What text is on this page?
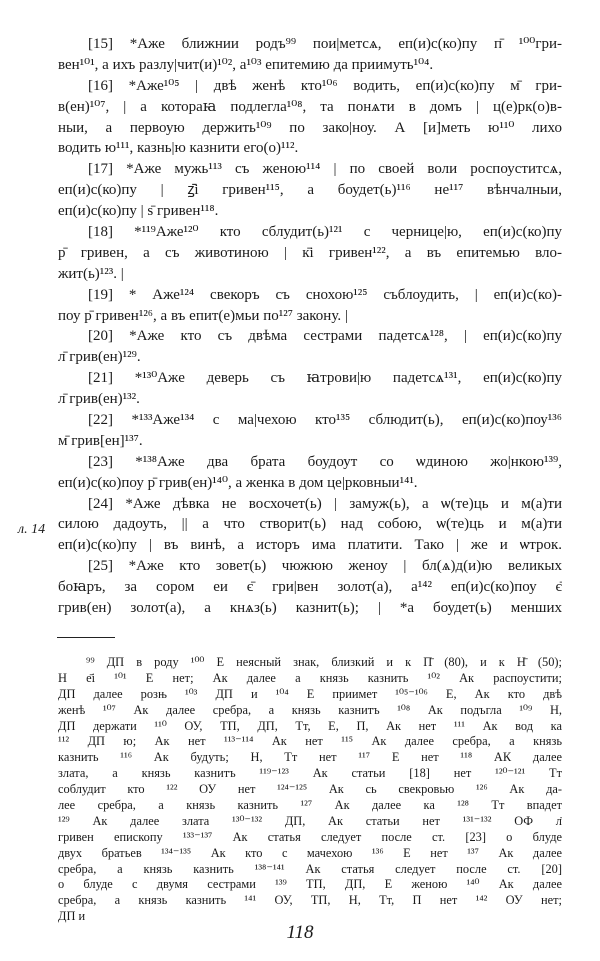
[15] *Аже ближнии родъ⁹⁹ пои|метсѧ, еп(и)с(ко)пу п̄ ¹⁰⁰гри-
вен¹⁰¹, а ихъ разлу|чит(и)¹⁰², а¹⁰³ епитемию да приимуть¹⁰⁴.
[16] *Аже¹⁰⁵ | двѣ женѣ кто¹⁰⁶ водить, еп(и)с(ко)пу м̄ гри-
в(ен)¹⁰⁷, | а котораꙗ подлегла¹⁰⁸, та понѧти в домъ | ц(е)рк(о)в-
ныи, а первоую держить¹⁰⁹ по зако|ноу. А [и]меть ю¹¹⁰ лихо
водить ю¹¹¹, казнь|ю казнити его(о)¹¹².
[17] *Аже мужь¹¹³ съ женою¹¹⁴ | по своей воли роспоуститсѧ,
еп(и)с(ко)пу | ꙁ̄і гривен¹¹⁵, а боудет(ь)¹¹⁶ не¹¹⁷ вѣнчалныи,
еп(и)с(ко)пу | ѕ̄ гривен¹¹⁸.
[18] *¹¹⁹Аже¹²⁰ кто сблудит(ь)¹²¹ с чернице|ю, еп(и)с(ко)пу
р̄ гривен, а съ животиною | к̄і гривен¹²², а въ епитемью вло-
жит(ь)¹²³. |
[19] * Аже¹²⁴ свекоръ съ снохою¹²⁵ съблоудить, | еп(и)с(ко)-
поу р̄ гривен¹²⁶, а въ епит(е)мьи по¹²⁷ закону. |
[20] *Аже кто съ двѣма сестрами падетсѧ¹²⁸, | еп(и)с(ко)пу
л̄ грив(ен)¹²⁹.
[21] *¹³⁰Аже деверь съ ꙗтрови|ю падетсѧ¹³¹, еп(и)с(ко)пу
л̄ грив(ен)¹³².
[22] *¹³³Аже¹³⁴ с ма|чехою кто¹³⁵ сблюдит(ь), еп(и)с(ко)поу¹³⁶
м̄ грив[ен]¹³⁷.
[23] *¹³⁸Аже два брата боудоут со ѡдиною жо|нкою¹³⁹,
еп(и)с(ко)поу р̄ грив(ен)¹⁴⁰, а женка в дом це|рковныи¹⁴¹.
[24] *Аже дѣвка не восхочет(ь) | замуж(ь), а ѡ(те)ць и м(а)ти
силою дадоуть, || а что створит(ь) над собою, ѡ(те)ць и м(а)ти
еп(и)с(ко)пу | въ винѣ, а исторъ има платити. Тако | же и ѡтрок.
[25] *Аже кто зовет(ь) чюжюю женоу | бл(ѧ)д(и)ю великых
боꙗръ, за сором еи є̄ гри|вен золот(а), а¹⁴² еп(и)с(ко)поу є̄
грив(ен) золот(а), а кнѧз(ь) казнит(ь); | *а боудет(ь) меншиx
л. 14
⁹⁹ ДП в роду ¹⁰⁰ Е неясный знак, близкий и к П̄ (80), и к Н̄ (50);
Н е̄і ¹⁰¹ Е нет; Ак далее а князь казнить ¹⁰² Ак распоустити;
ДП далее розњ ¹⁰³ ДП и ¹⁰⁴ Е приимет ¹⁰⁵⁻¹⁰⁶ Е, Ак кто двѣ
женѣ ¹⁰⁷ Ак далее сребра, а князь казнитъ ¹⁰⁸ Ак подъгла ¹⁰⁹ Н,
ДП держати ¹¹⁰ ОУ, ТП, ДП, Тт, Е, П, Ак нет ¹¹¹ Ак вод ка
¹¹² ДП ю; Ак нет ¹¹³⁻¹¹⁴ Ак нет ¹¹⁵ Ак далее сребра, а князь
казнить ¹¹⁶ Ак будуть; Н, Тт нет ¹¹⁷ Е нет ¹¹⁸ АК далее
злата, а князь казнитъ ¹¹⁹⁻¹²³ Ак статьи [18] нет ¹²⁰⁻¹²¹ Тт
соблудит кто ¹²² ОУ нет ¹²⁴⁻¹²⁵ Ак сь свекровью ¹²⁶ Ак да-
лее сребра, а князь казнить ¹²⁷ Ак далее ка ¹²⁸ Тт впадет
¹²⁹ Ак далее злата ¹³⁰⁻¹³² ДП, Ак статьи нет ¹³¹⁻¹³² ОФ л̄
гривен епископу ¹³³⁻¹³⁷ Ак статья следует после ст. [23] о блуде
двух братьев ¹³⁴⁻¹³⁵ Ак кто с мачехою ¹³⁶ Е нет ¹³⁷ Ак далее
сребра, а князь казнить ¹³⁸⁻¹⁴¹ Ак статья следует после ст. [20]
о блуде с двумя сестрами ¹³⁹ ТП, ДП, Е женою ¹⁴⁰ Ак далее
сребра, а князь казнить ¹⁴¹ ОУ, ТП, Н, Тт, П нет ¹⁴² ОУ нет;
ДП и
118
